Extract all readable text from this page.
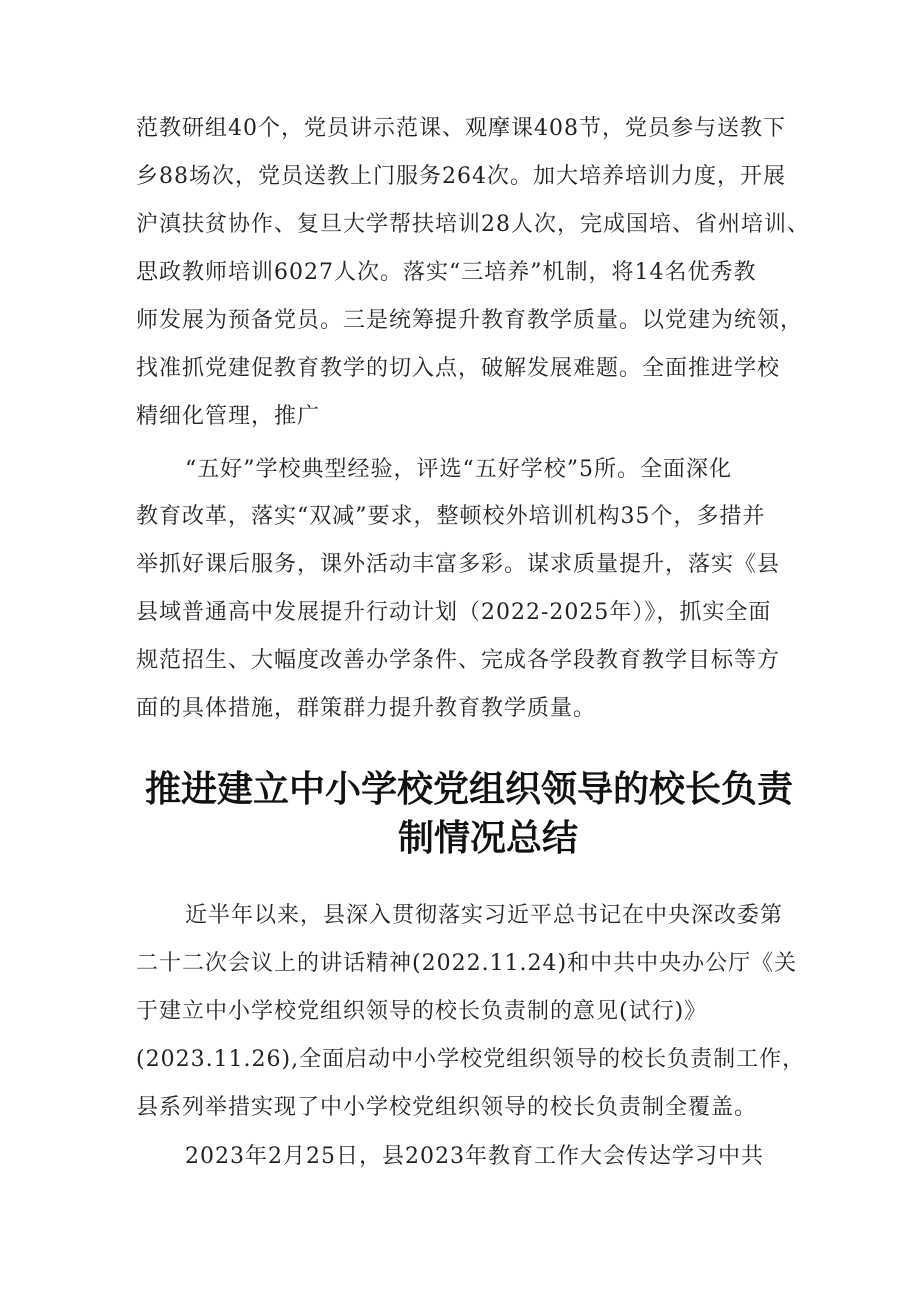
范教研组40个，党员讲示范课、观摩课408节，党员参与送教下
乡88场次，党员送教上门服务264次。加大培养培训力度，开展
沪滇扶贫协作、复旦大学帮扶培训28人次，完成国培、省州培训、
思政教师培训6027人次。落实“三培养”机制，将14名优秀教
师发展为预备党员。三是统筹提升教育教学质量。以党建为统领，
找准抓党建促教育教学的切入点，破解发展难题。全面推进学校
精细化管理，推广
“五好”学校典型经验，评选“五好学校”5所。全面深化
教育改革，落实“双减”要求，整顿校外培训机构35个，多措并
举抓好课后服务，课外活动丰富多彩。谋求质量提升，落实《县
县域普通高中发展提升行动计划（2022-2025年）》，抓实全面
规范招生、大幅度改善办学条件、完成各学段教育教学目标等方
面的具体措施，群策群力提升教育教学质量。
推进建立中小学校党组织领导的校长负责
制情况总结
近半年以来，县深入贯彻落实习近平总书记在中央深改委第
二十二次会议上的讲话精神(2022.11.24)和中共中央办公厅《关
于建立中小学校党组织领导的校长负责制的意见(试行)》
(2023.11.26),全面启动中小学校党组织领导的校长负责制工作，
县系列举措实现了中小学校党组织领导的校长负责制全覆盖。
2023年2月25日，县2023年教育工作大会传达学习中共
